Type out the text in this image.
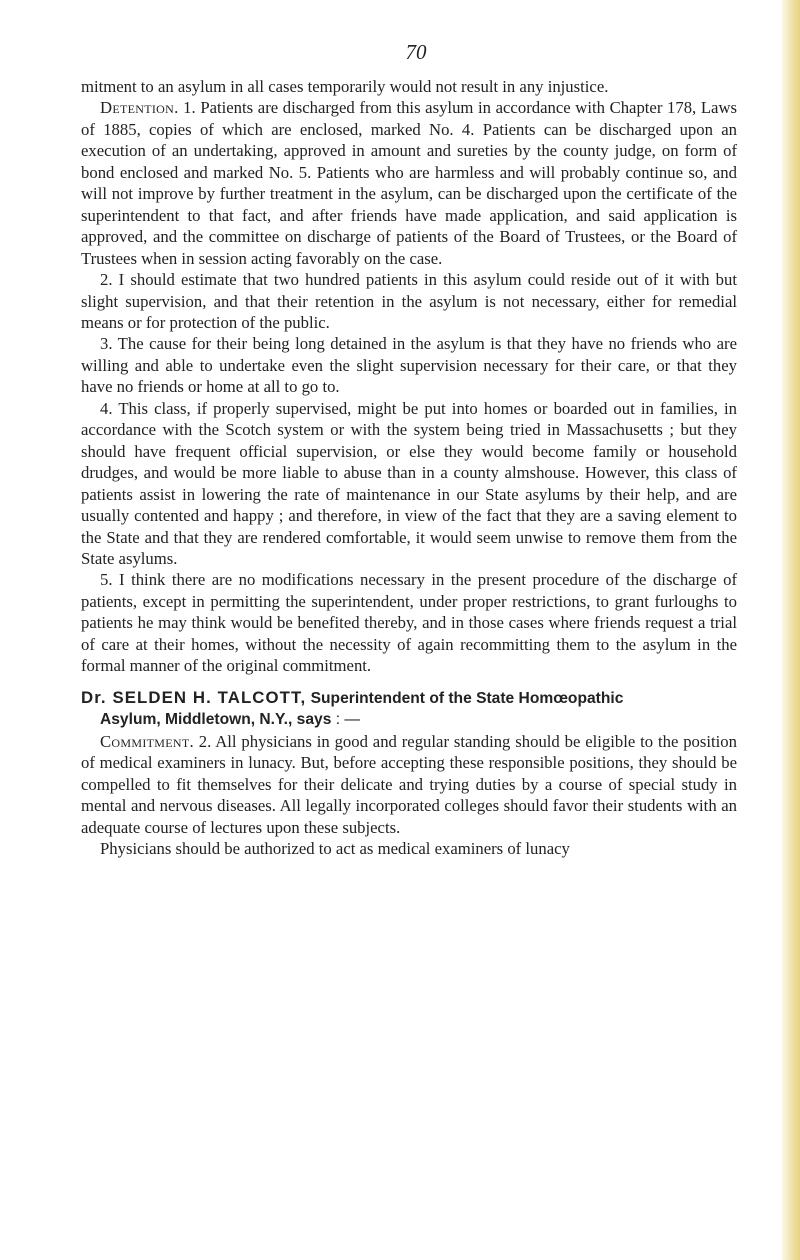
70

mitment to an asylum in all cases temporarily would not result in any injustice.

Detention. 1. Patients are discharged from this asylum in accordance with Chapter 178, Laws of 1885, copies of which are enclosed, marked No. 4. Patients can be discharged upon an execution of an undertaking, approved in amount and sureties by the county judge, on form of bond enclosed and marked No. 5. Patients who are harmless and will probably continue so, and will not improve by further treatment in the asylum, can be discharged upon the certificate of the superintendent to that fact, and after friends have made application, and said application is approved, and the committee on discharge of patients of the Board of Trustees, or the Board of Trustees when in session acting favorably on the case.

2. I should estimate that two hundred patients in this asylum could reside out of it with but slight supervision, and that their retention in the asylum is not necessary, either for remedial means or for protection of the public.

3. The cause for their being long detained in the asylum is that they have no friends who are willing and able to undertake even the slight supervision necessary for their care, or that they have no friends or home at all to go to.

4. This class, if properly supervised, might be put into homes or boarded out in families, in accordance with the Scotch system or with the system being tried in Massachusetts ; but they should have frequent official supervision, or else they would become family or household drudges, and would be more liable to abuse than in a county almshouse. However, this class of patients assist in lowering the rate of maintenance in our State asylums by their help, and are usually contented and happy ; and therefore, in view of the fact that they are a saving element to the State and that they are rendered comfortable, it would seem unwise to remove them from the State asylums.

5. I think there are no modifications necessary in the present procedure of the discharge of patients, except in permitting the superintendent, under proper restrictions, to grant furloughs to patients he may think would be benefited thereby, and in those cases where friends request a trial of care at their homes, without the necessity of again recommitting them to the asylum in the formal manner of the original commitment.

Dr. SELDEN H. TALCOTT, Superintendent of the State Homœopathic
Asylum, Middletown, N.Y., says : —

Commitment. 2. All physicians in good and regular standing should be eligible to the position of medical examiners in lunacy. But, before accepting these responsible positions, they should be compelled to fit themselves for their delicate and trying duties by a course of special study in mental and nervous diseases. All legally incorporated colleges should favor their students with an adequate course of lectures upon these subjects.

Physicians should be authorized to act as medical examiners of lunacy
